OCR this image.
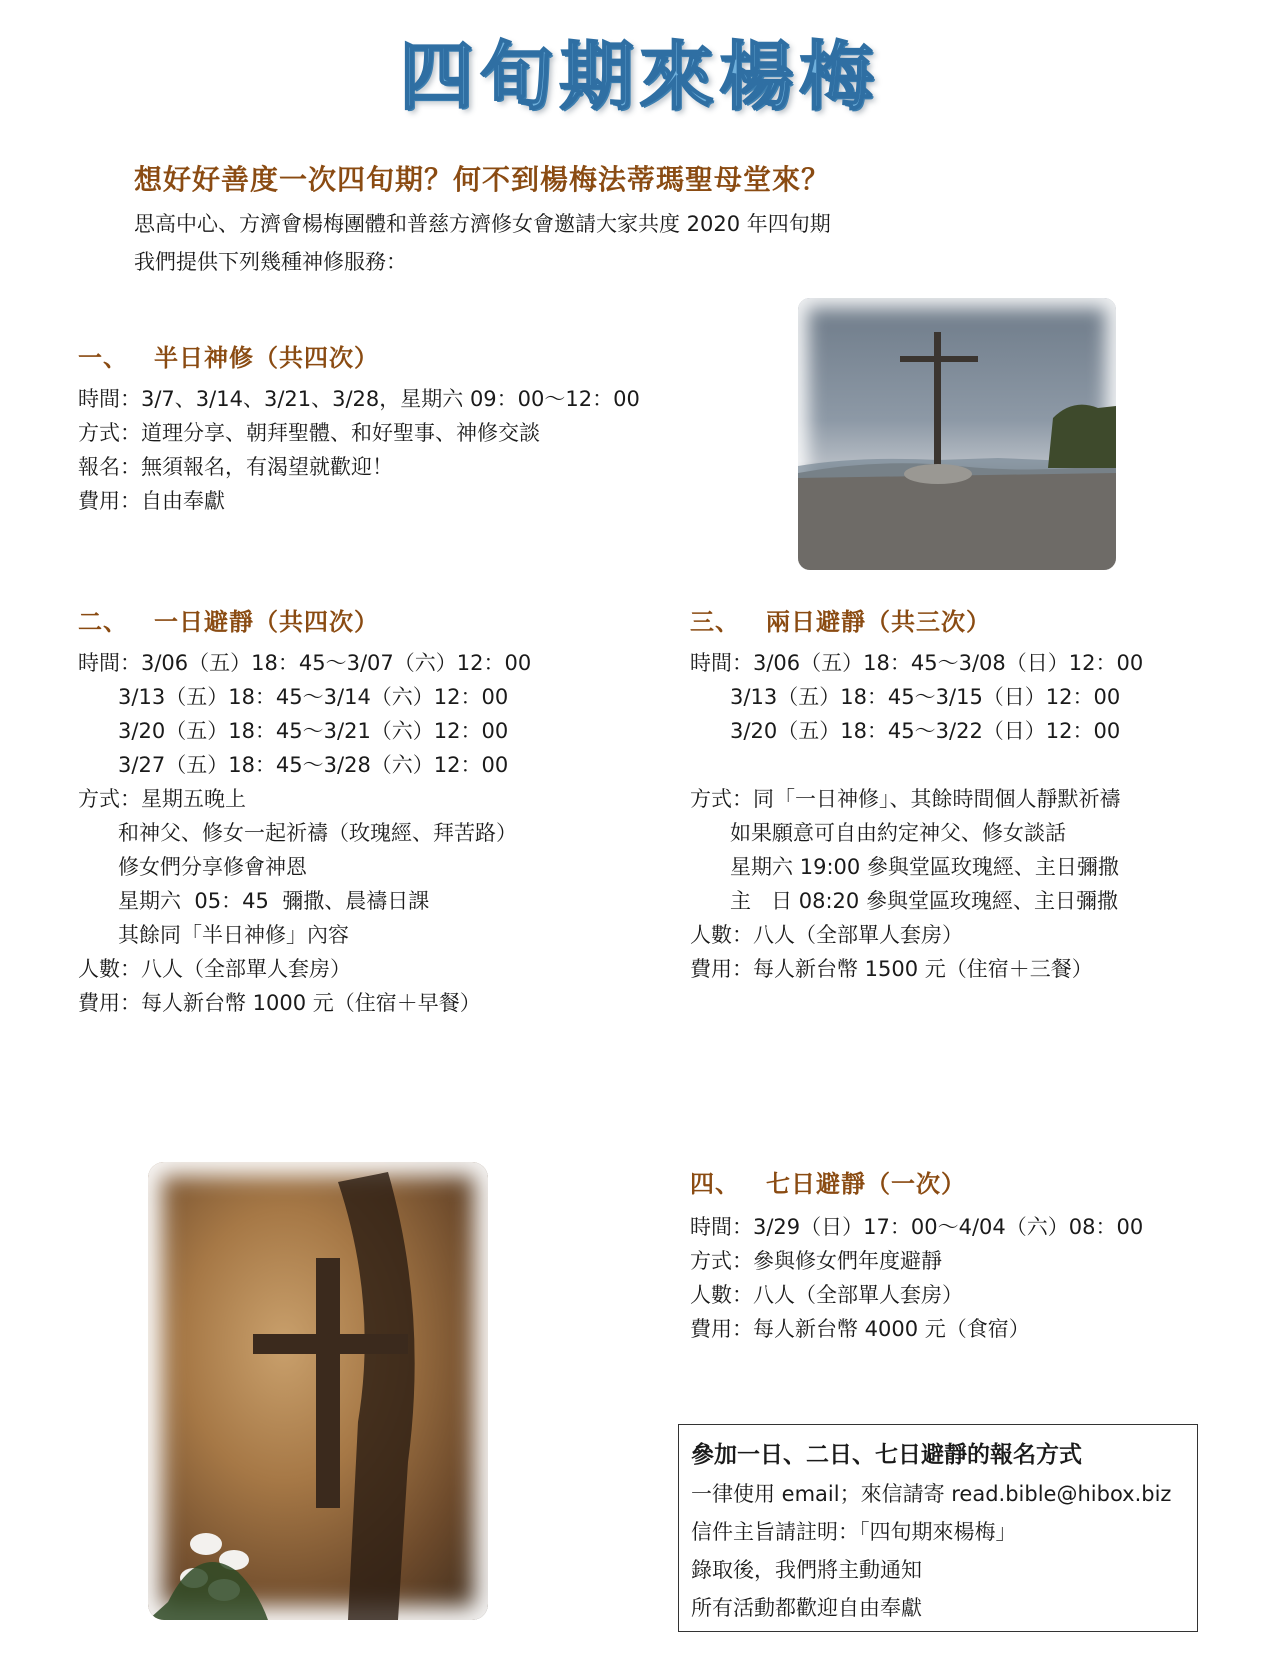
四旬期來楊梅
想好好善度一次四旬期？何不到楊梅法蒂瑪聖母堂來？
思高中心、方濟會楊梅團體和普慈方濟修女會邀請大家共度 2020 年四旬期
我們提供下列幾種神修服務：
一、 半日神修（共四次）
時間：3/7、3/14、3/21、3/28，星期六 09：00～12：00
方式：道理分享、朝拜聖體、和好聖事、神修交談
報名：無須報名，有渴望就歡迎！
費用：自由奉獻
二、 一日避靜（共四次）
時間：3/06（五）18：45～3/07（六）12：00
3/13（五）18：45～3/14（六）12：00
3/20（五）18：45～3/21（六）12：00
3/27（五）18：45～3/28（六）12：00
方式：星期五晚上
和神父、修女一起祈禱（玫瑰經、拜苦路）
修女們分享修會神恩
星期六  05：45  彌撒、晨禱日課
其餘同「半日神修」內容
人數：八人（全部單人套房）
費用：每人新台幣 1000 元（住宿＋早餐）
三、 兩日避靜（共三次）
時間：3/06（五）18：45～3/08（日）12：00
3/13（五）18：45～3/15（日）12：00
3/20（五）18：45～3/22（日）12：00

方式：同「一日神修」、其餘時間個人靜默祈禱
如果願意可自由約定神父、修女談話
星期六 19:00 參與堂區玫瑰經、主日彌撒
主   日 08:20 參與堂區玫瑰經、主日彌撒
人數：八人（全部單人套房）
費用：每人新台幣 1500 元（住宿＋三餐）
四、 七日避靜（一次）
時間：3/29（日）17：00～4/04（六）08：00
方式：參與修女們年度避靜
人數：八人（全部單人套房）
費用：每人新台幣 4000 元（食宿）
參加一日、二日、七日避靜的報名方式
一律使用 email；來信請寄 read.bible@hibox.biz
信件主旨請註明：「四旬期來楊梅」
錄取後，我們將主動通知
所有活動都歡迎自由奉獻
